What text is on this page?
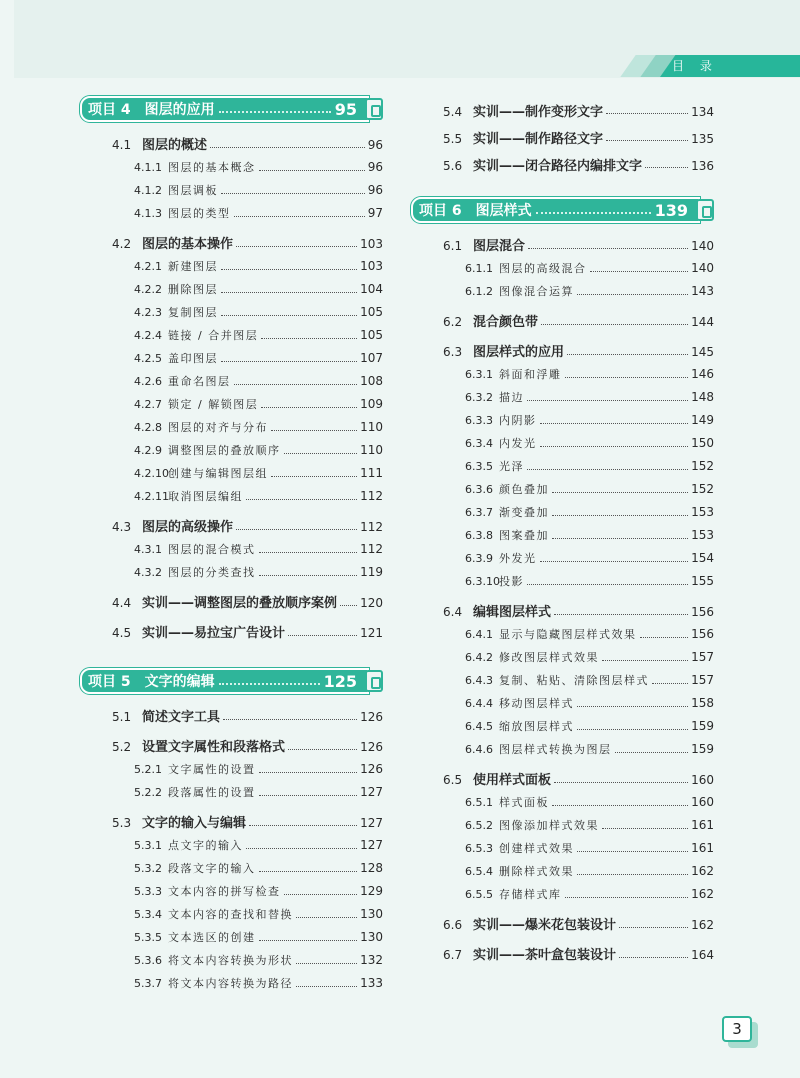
目 录
项目 4　图层的应用	95
4.1 图层的概述	96
4.1.1 图层的基本概念	96
4.1.2 图层调板	96
4.1.3 图层的类型	97
4.2 图层的基本操作	103
4.2.1 新建图层	103
4.2.2 删除图层	104
4.2.3 复制图层	105
4.2.4 链接 / 合并图层	105
4.2.5 盖印图层	107
4.2.6 重命名图层	108
4.2.7 锁定 / 解锁图层	109
4.2.8 图层的对齐与分布	110
4.2.9 调整图层的叠放顺序	110
4.2.10 创建与编辑图层组	111
4.2.11 取消图层编组	112
4.3 图层的高级操作	112
4.3.1 图层的混合模式	112
4.3.2 图层的分类查找	119
4.4 实训——调整图层的叠放顺序案例 120
4.5 实训——易拉宝广告设计	121
项目 5　文字的编辑	125
5.1 简述文字工具	126
5.2 设置文字属性和段落格式	126
5.2.1 文字属性的设置	126
5.2.2 段落属性的设置	127
5.3 文字的输入与编辑	127
5.3.1 点文字的输入	127
5.3.2 段落文字的输入	128
5.3.3 文本内容的拼写检查	129
5.3.4 文本内容的查找和替换	130
5.3.5 文本选区的创建	130
5.3.6 将文本内容转换为形状	132
5.3.7 将文本内容转换为路径	133
5.4 实训——制作变形文字	134
5.5 实训——制作路径文字	135
5.6 实训——闭合路径内编排文字	136
项目 6　图层样式	139
6.1 图层混合	140
6.1.1 图层的高级混合	140
6.1.2 图像混合运算	143
6.2 混合颜色带	144
6.3 图层样式的应用	145
6.3.1 斜面和浮雕	146
6.3.2 描边	148
6.3.3 内阴影	149
6.3.4 内发光	150
6.3.5 光泽	152
6.3.6 颜色叠加	152
6.3.7 渐变叠加	153
6.3.8 图案叠加	153
6.3.9 外发光	154
6.3.10 投影	155
6.4 编辑图层样式	156
6.4.1 显示与隐藏图层样式效果	156
6.4.2 修改图层样式效果	157
6.4.3 复制、粘贴、清除图层样式	157
6.4.4 移动图层样式	158
6.4.5 缩放图层样式	159
6.4.6 图层样式转换为图层	159
6.5 使用样式面板	160
6.5.1 样式面板	160
6.5.2 图像添加样式效果	161
6.5.3 创建样式效果	161
6.5.4 删除样式效果	162
6.5.5 存储样式库	162
6.6 实训——爆米花包装设计	162
6.7 实训——茶叶盒包装设计	164
3
